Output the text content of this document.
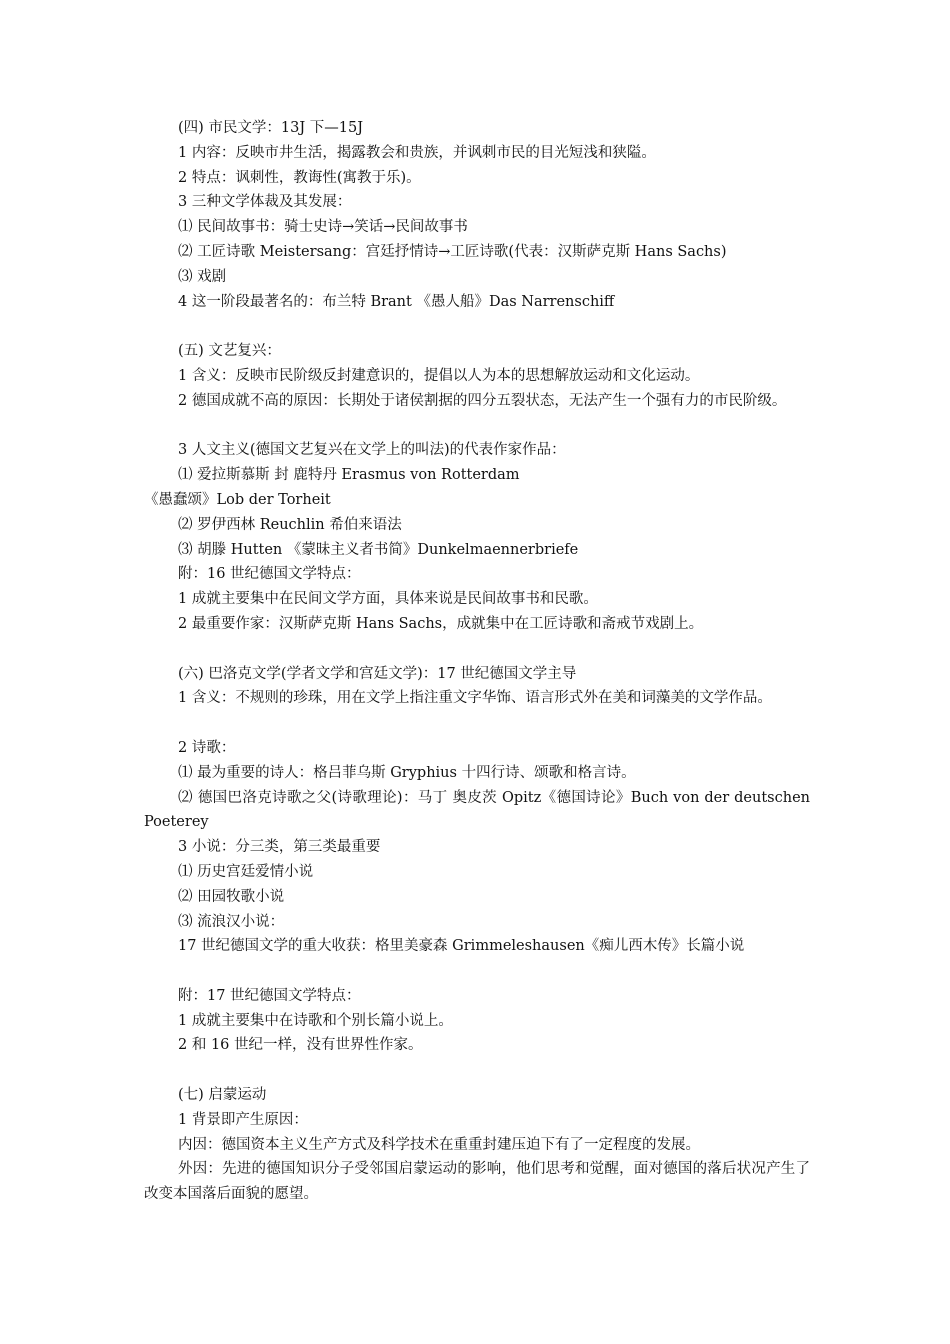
(四) 市民文学：13J 下—15J
1 内容：反映市井生活，揭露教会和贵族，并讽刺市民的目光短浅和狭隘。
2 特点：讽刺性，教诲性(寓教于乐)。
3 三种文学体裁及其发展：
⑴ 民间故事书：骑士史诗→笑话→民间故事书
⑵ 工匠诗歌 Meistersang：宫廷抒情诗→工匠诗歌(代表：汉斯萨克斯 Hans Sachs)
⑶ 戏剧
4 这一阶段最著名的：布兰特 Brant 《愚人船》Das Narrenschiff
(五) 文艺复兴：
1 含义：反映市民阶级反封建意识的，提倡以人为本的思想解放运动和文化运动。
2 德国成就不高的原因：长期处于诸侯割据的四分五裂状态，无法产生一个强有力的市民阶级。
3 人文主义(德国文艺复兴在文学上的叫法)的代表作家作品：
⑴ 爱拉斯慕斯 封 鹿特丹 Erasmus von Rotterdam
《愚蠢颂》Lob der Torheit
⑵ 罗伊西林 Reuchlin 希伯来语法
⑶ 胡滕 Hutten 《蒙昧主义者书简》Dunkelmaennerbriefe
附：16 世纪德国文学特点：
1 成就主要集中在民间文学方面，具体来说是民间故事书和民歌。
2 最重要作家：汉斯萨克斯 Hans Sachs，成就集中在工匠诗歌和斋戒节戏剧上。
(六) 巴洛克文学(学者文学和宫廷文学)：17 世纪德国文学主导
1 含义：不规则的珍珠，用在文学上指注重文字华饰、语言形式外在美和词藻美的文学作品。
2 诗歌：
⑴ 最为重要的诗人：格吕菲乌斯 Gryphius 十四行诗、颂歌和格言诗。
⑵ 德国巴洛克诗歌之父(诗歌理论)：马丁 奥皮茨 Opitz《德国诗论》Buch von der deutschen Poeterey
3 小说：分三类，第三类最重要
⑴ 历史宫廷爱情小说
⑵ 田园牧歌小说
⑶ 流浪汉小说：
17 世纪德国文学的重大收获：格里美豪森 Grimmeleshausen《痴儿西木传》长篇小说
附：17 世纪德国文学特点：
1 成就主要集中在诗歌和个别长篇小说上。
2 和 16 世纪一样，没有世界性作家。
(七) 启蒙运动
1 背景即产生原因：
内因：德国资本主义生产方式及科学技术在重重封建压迫下有了一定程度的发展。
外因：先进的德国知识分子受邻国启蒙运动的影响，他们思考和觉醒，面对德国的落后状况产生了改变本国落后面貌的愿望。
